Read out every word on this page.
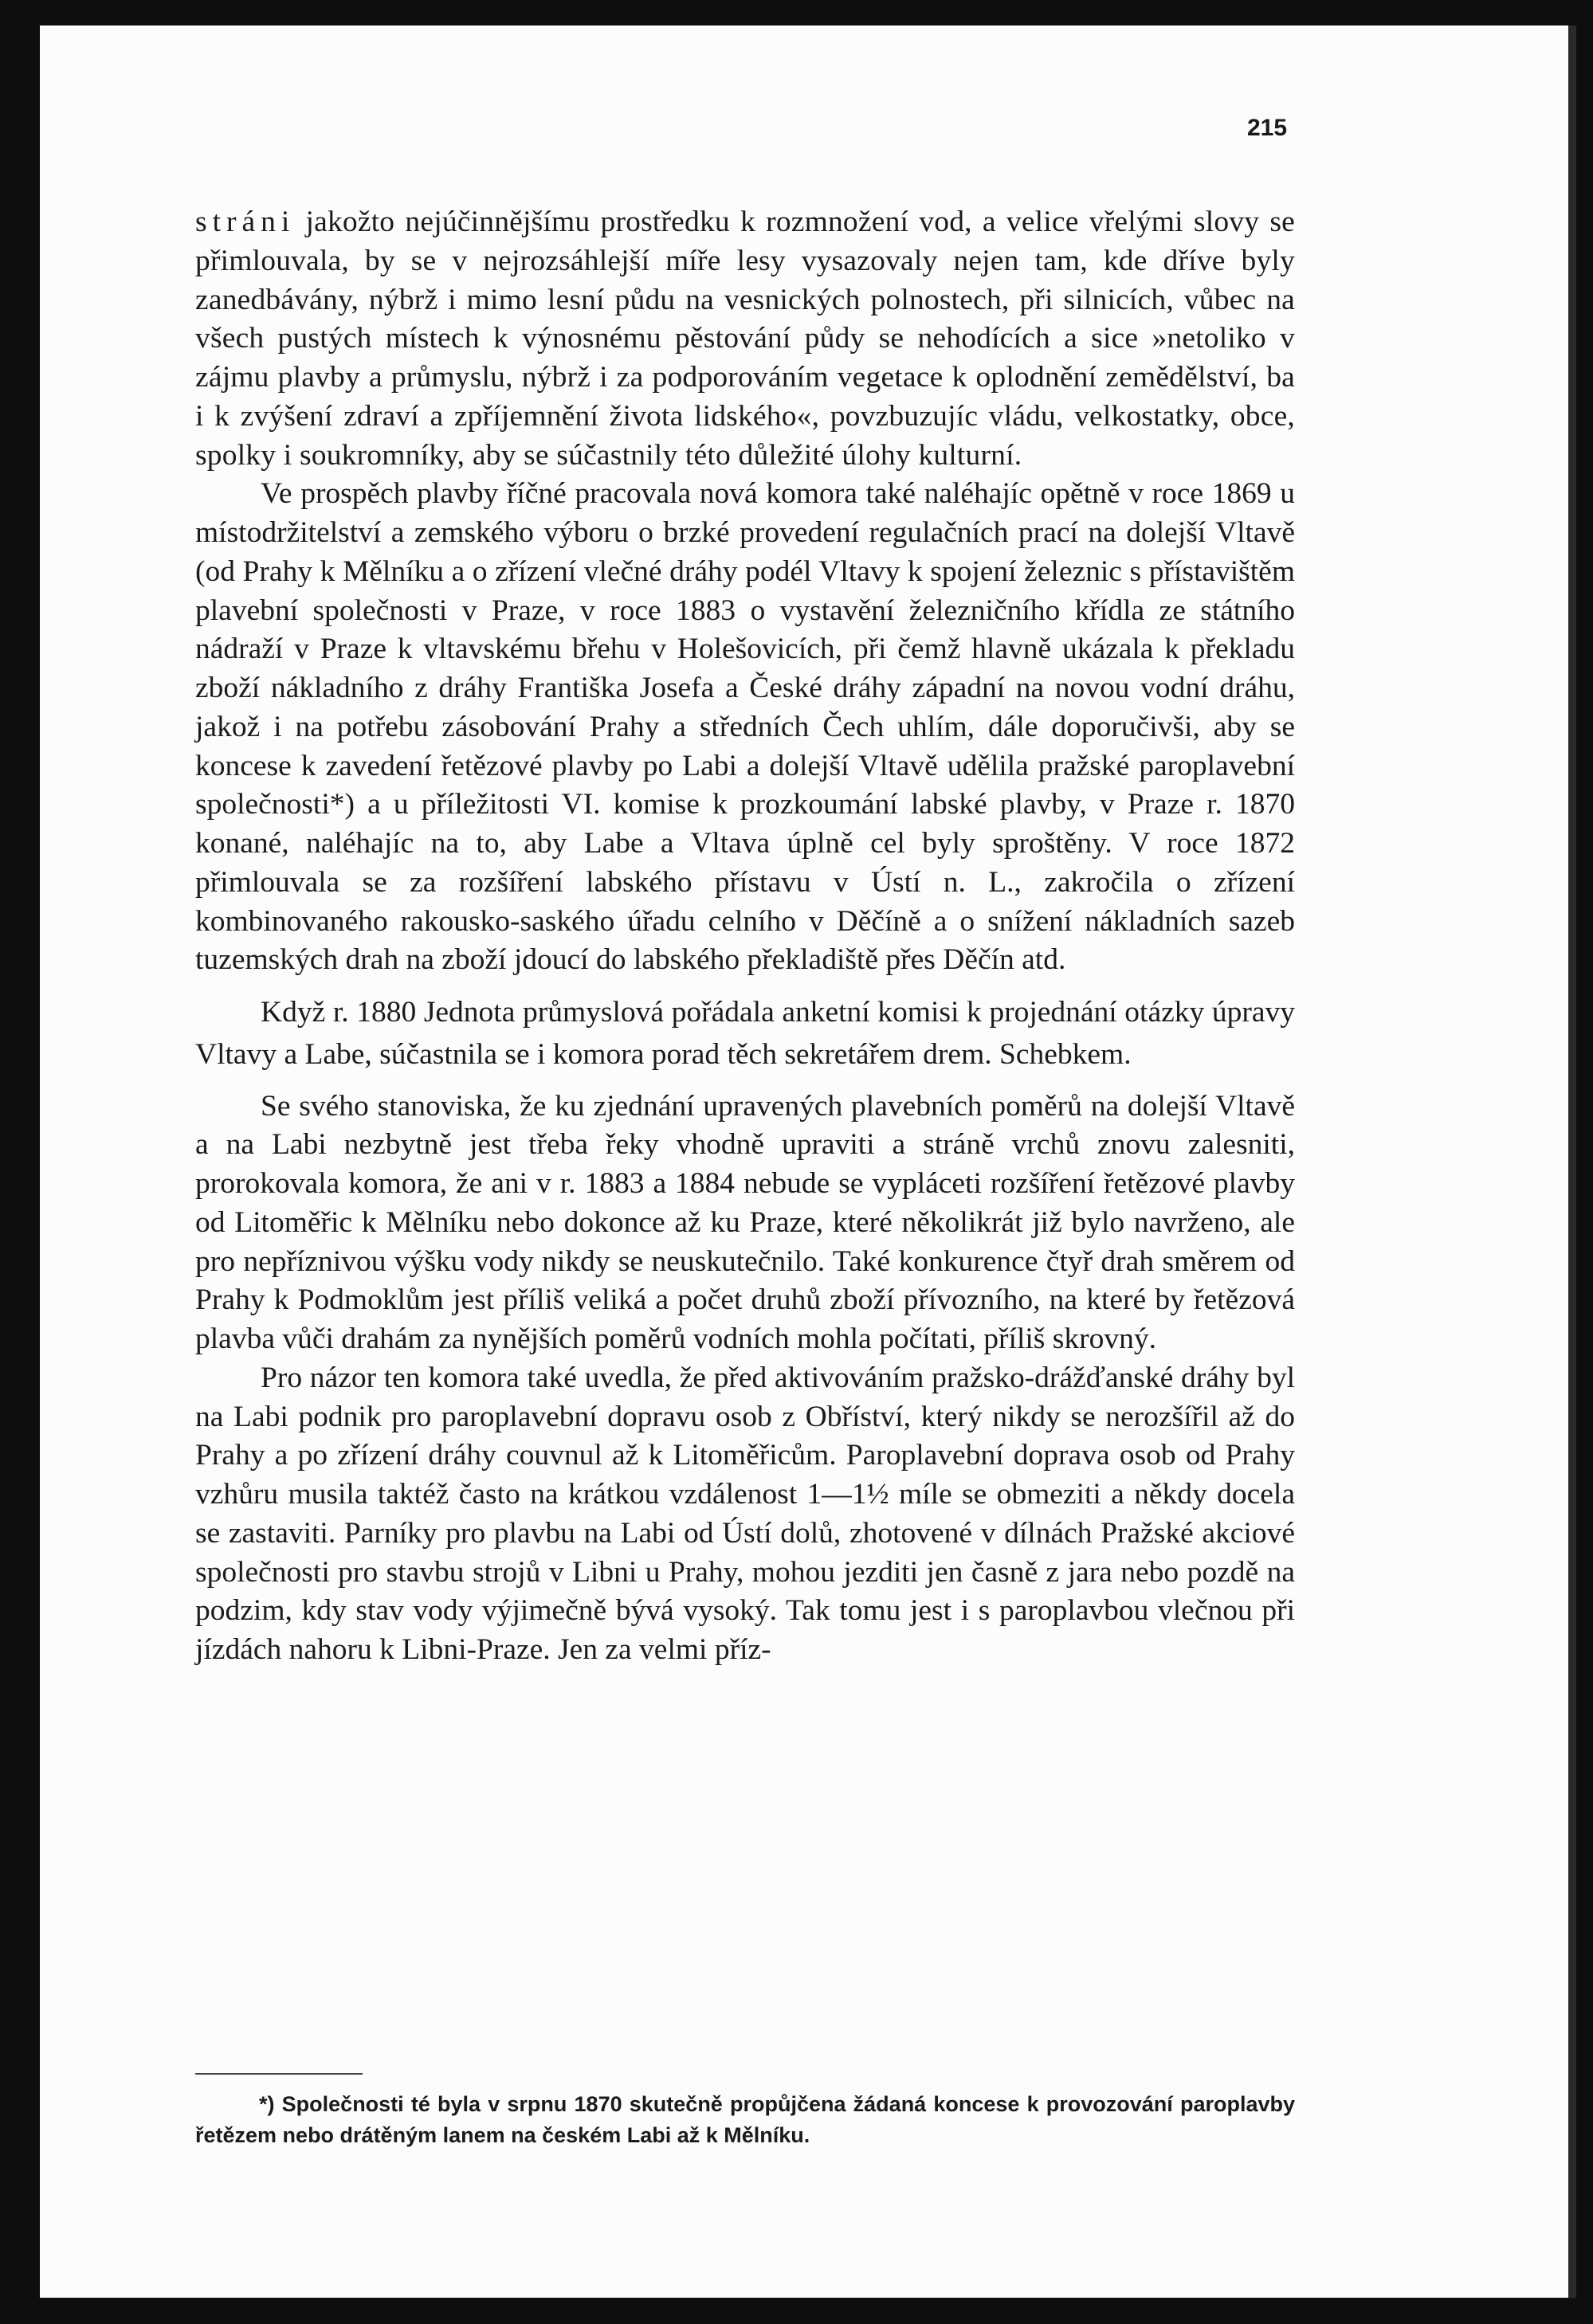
215

stráni jakožto nejúčinnějšímu prostředku k rozmnožení vod, a velice vřelými slovy se přimlouvala, by se v nejrozsáhlejší míře lesy vysazovaly nejen tam, kde dříve byly zanedbávány, nýbrž i mimo lesní půdu na vesnických polnostech, při silnicích, vůbec na všech pustých místech k výnosnému pěstování půdy se nehodících a sice »netoliko v zájmu plavby a průmyslu, nýbrž i za podporováním vegetace k oplodnění zemědělství, ba i k zvýšení zdraví a zpříjemnění života lidského«, povzbuzujíc vládu, velkostatky, obce, spolky i soukromníky, aby se súčastnily této důležité úlohy kulturní.

Ve prospěch plavby říčné pracovala nová komora také naléhajíc opětně v roce 1869 u místodržitelství a zemského výboru o brzké provedení regulačních prací na dolejší Vltavě (od Prahy k Mělníku a o zřízení vlečné dráhy podél Vltavy k spojení železnic s přístavištěm plavební společnosti v Praze, v roce 1883 o vystavění železničního křídla ze státního nádraží v Praze k vltavskému břehu v Holešovicích, při čemž hlavně ukázala k překladu zboží nákladního z dráhy Františka Josefa a České dráhy západní na novou vodní dráhu, jakož i na potřebu zásobování Prahy a středních Čech uhlím, dále doporučivši, aby se koncese k zavedení řetězové plavby po Labi a dolejší Vltavě udělila pražské paroplavební společnosti*) a u příležitosti VI. komise k prozkoumání labské plavby, v Praze r. 1870 konané, naléhajíc na to, aby Labe a Vltava úplně cel byly sproštěny. V roce 1872 přimlouvala se za rozšíření labského přístavu v Ústí n. L., zakročila o zřízení kombinovaného rakousko-saského úřadu celního v Děčíně a o snížení nákladních sazeb tuzemských drah na zboží jdoucí do labského překladiště přes Děčín atd.

Když r. 1880 Jednota průmyslová pořádala anketní komisi k projednání otázky úpravy Vltavy a Labe, súčastnila se i komora porad těch sekretářem drem. Schebkem.

Se svého stanoviska, že ku zjednání upravených plavebních poměrů na dolejší Vltavě a na Labi nezbytně jest třeba řeky vhodně upraviti a stráně vrchů znovu zalesniti, prorokovala komora, že ani v r. 1883 a 1884 nebude se vypláceti rozšíření řetězové plavby od Litoměřic k Mělníku nebo dokonce až ku Praze, které několikrát již bylo navrženo, ale pro nepříznivou výšku vody nikdy se neuskutečnilo. Také konkurence čtyř drah směrem od Prahy k Podmoklům jest příliš veliká a počet druhů zboží přívozního, na které by řetězová plavba vůči drahám za nynějších poměrů vodních mohla počítati, příliš skrovný.

Pro názor ten komora také uvedla, že před aktivováním pražsko-drážďanské dráhy byl na Labi podnik pro paroplavební dopravu osob z Obříství, který nikdy se nerozšířil až do Prahy a po zřízení dráhy couvnul až k Litoměřicům. Paroplavební doprava osob od Prahy vzhůru musila taktéž často na krátkou vzdálenost 1—1½ míle se obmeziti a někdy docela se zastaviti. Parníky pro plavbu na Labi od Ústí dolů, zhotovené v dílnách Pražské akciové společnosti pro stavbu strojů v Libni u Prahy, mohou jezditi jen časně z jara nebo pozdě na podzim, kdy stav vody výjimečně bývá vysoký. Tak tomu jest i s paroplavbou vlečnou při jízdách nahoru k Libni-Praze. Jen za velmi příz-

*) Společnosti té byla v srpnu 1870 skutečně propůjčena žádaná koncese k provozování paroplavby řetězem nebo drátěným lanem na českém Labi až k Mělníku.
